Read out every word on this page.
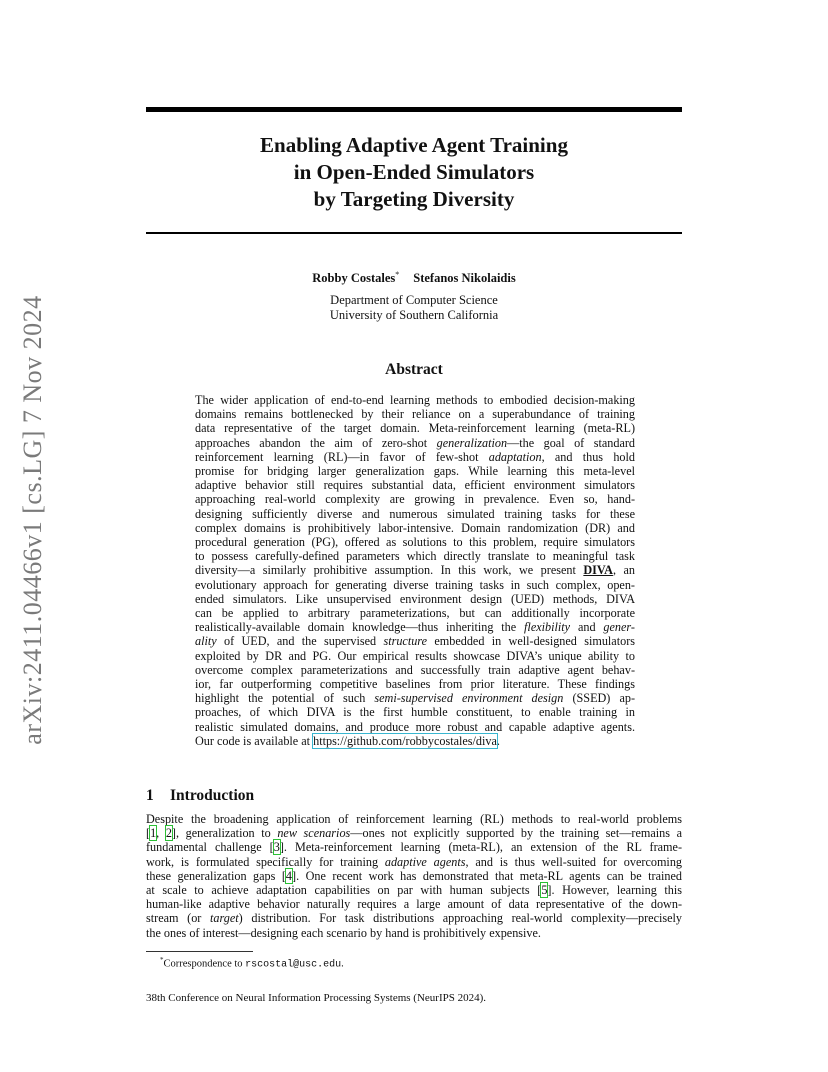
arXiv:2411.04466v1 [cs.LG] 7 Nov 2024
Enabling Adaptive Agent Training
in Open-Ended Simulators
by Targeting Diversity
Robby Costales* Stefanos Nikolaidis
Department of Computer Science
University of Southern California
Abstract
The wider application of end-to-end learning methods to embodied decision-making
domains remains bottlenecked by their reliance on a superabundance of training
data representative of the target domain. Meta-reinforcement learning (meta-RL)
approaches abandon the aim of zero-shot generalization—the goal of standard
reinforcement learning (RL)—in favor of few-shot adaptation, and thus hold
promise for bridging larger generalization gaps. While learning this meta-level
adaptive behavior still requires substantial data, efficient environment simulators
approaching real-world complexity are growing in prevalence. Even so, hand-
designing sufficiently diverse and numerous simulated training tasks for these
complex domains is prohibitively labor-intensive. Domain randomization (DR) and
procedural generation (PG), offered as solutions to this problem, require simulators
to possess carefully-defined parameters which directly translate to meaningful task
diversity—a similarly prohibitive assumption. In this work, we present DIVA, an
evolutionary approach for generating diverse training tasks in such complex, open-
ended simulators. Like unsupervised environment design (UED) methods, DIVA
can be applied to arbitrary parameterizations, but can additionally incorporate
realistically-available domain knowledge—thus inheriting the flexibility and gener-
ality of UED, and the supervised structure embedded in well-designed simulators
exploited by DR and PG. Our empirical results showcase DIVA’s unique ability to
overcome complex parameterizations and successfully train adaptive agent behav-
ior, far outperforming competitive baselines from prior literature. These findings
highlight the potential of such semi-supervised environment design (SSED) ap-
proaches, of which DIVA is the first humble constituent, to enable training in
realistic simulated domains, and produce more robust and capable adaptive agents.
Our code is available at https://github.com/robbycostales/diva.
1 Introduction
Despite the broadening application of reinforcement learning (RL) methods to real-world problems
[1, 2], generalization to new scenarios—ones not explicitly supported by the training set—remains a
fundamental challenge [3]. Meta-reinforcement learning (meta-RL), an extension of the RL frame-
work, is formulated specifically for training adaptive agents, and is thus well-suited for overcoming
these generalization gaps [4]. One recent work has demonstrated that meta-RL agents can be trained
at scale to achieve adaptation capabilities on par with human subjects [5]. However, learning this
human-like adaptive behavior naturally requires a large amount of data representative of the down-
stream (or target) distribution. For task distributions approaching real-world complexity—precisely
the ones of interest—designing each scenario by hand is prohibitively expensive.
*Correspondence to rscostal@usc.edu.
38th Conference on Neural Information Processing Systems (NeurIPS 2024).
